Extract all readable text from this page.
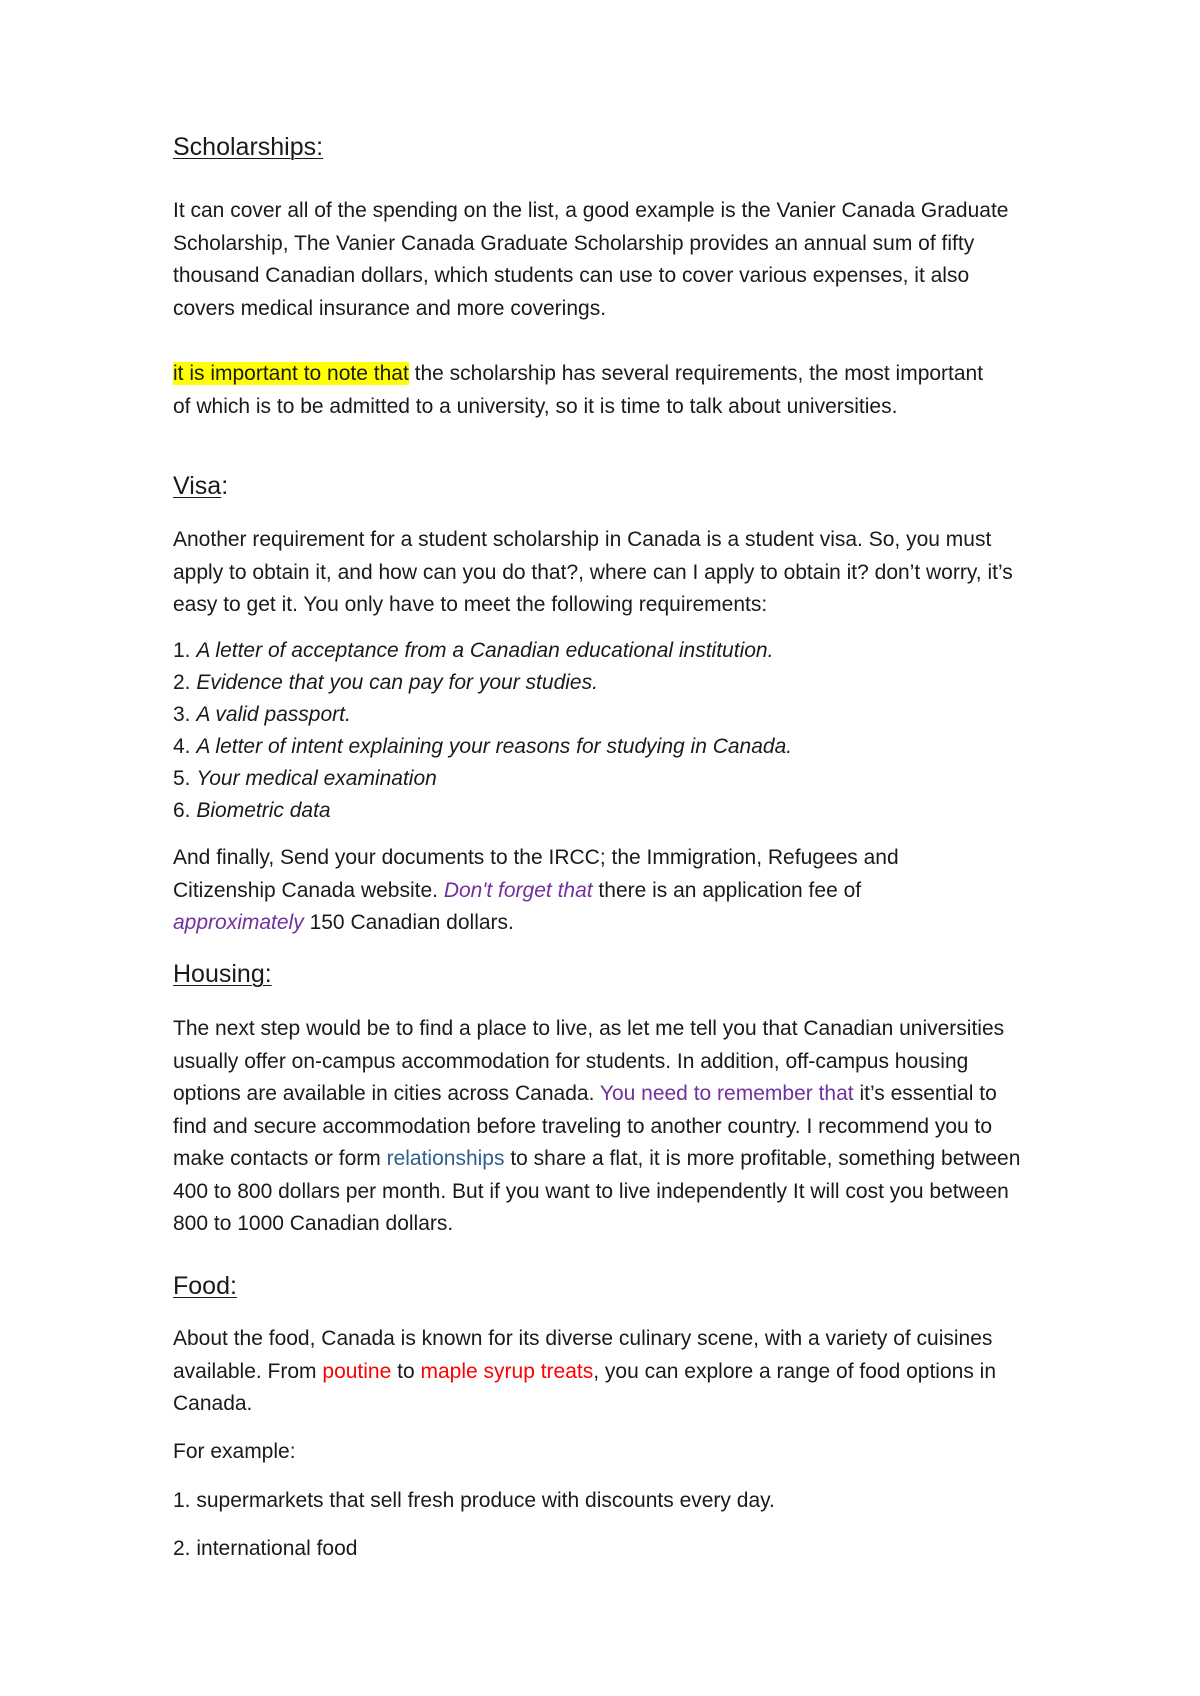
Scholarships:

It can cover all of the spending on the list, a good example is the Vanier Canada Graduate Scholarship, The Vanier Canada Graduate Scholarship provides an annual sum of fifty thousand Canadian dollars, which students can use to cover various expenses, it also covers medical insurance and more coverings.

it is important to note that the scholarship has several requirements, the most important of which is to be admitted to a university, so it is time to talk about universities.

Visa:

Another requirement for a student scholarship in Canada is a student visa. So, you must apply to obtain it, and how can you do that?, where can I apply to obtain it? don’t worry, it’s easy to get it. You only have to meet the following requirements:

1. A letter of acceptance from a Canadian educational institution.
2. Evidence that you can pay for your studies.
3. A valid passport.
4. A letter of intent explaining your reasons for studying in Canada.
5. Your medical examination
6. Biometric data

And finally, Send your documents to the IRCC; the Immigration, Refugees and Citizenship Canada website. Don't forget that there is an application fee of approximately 150 Canadian dollars.

Housing:

The next step would be to find a place to live, as let me tell you that Canadian universities usually offer on-campus accommodation for students. In addition, off-campus housing options are available in cities across Canada. You need to remember that it’s essential to find and secure accommodation before traveling to another country. I recommend you to make contacts or form relationships to share a flat, it is more profitable, something between 400 to 800 dollars per month. But if you want to live independently It will cost you between 800 to 1000 Canadian dollars.

Food:

About the food, Canada is known for its diverse culinary scene, with a variety of cuisines available. From poutine to maple syrup treats, you can explore a range of food options in Canada.

For example:

1. supermarkets that sell fresh produce with discounts every day.

2. international food
